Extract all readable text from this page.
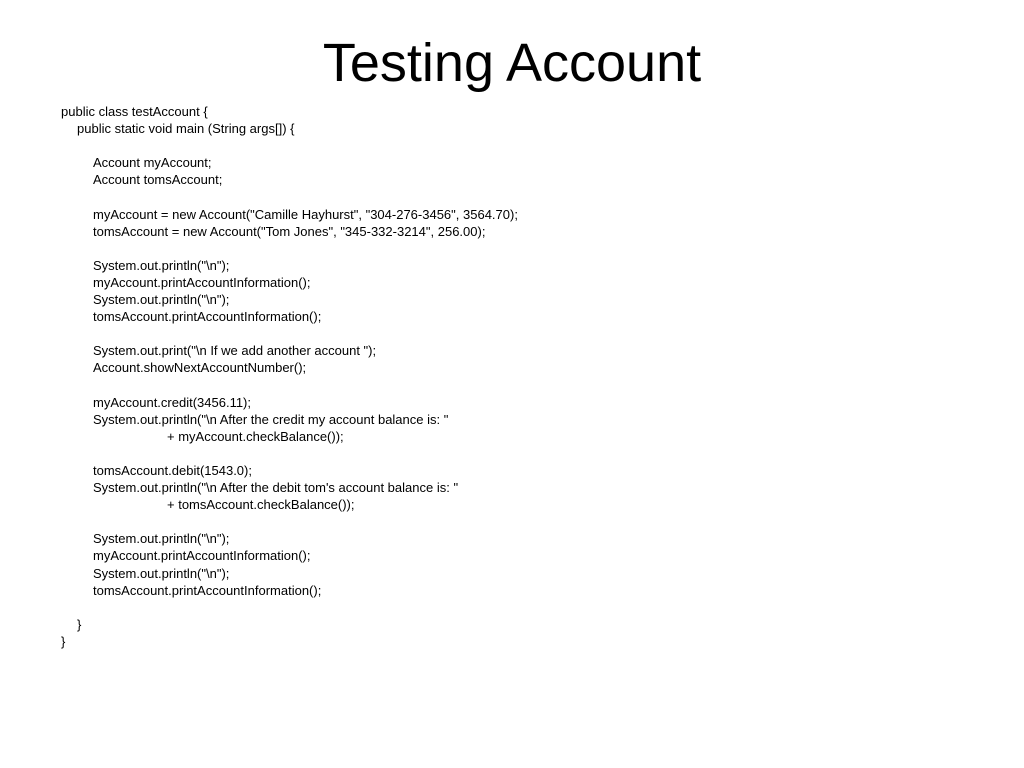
Testing Account
public class testAccount {
public static void main (String args[]) {
Account myAccount;
Account tomsAccount;
myAccount = new Account("Camille Hayhurst", "304-276-3456", 3564.70);
tomsAccount = new Account("Tom Jones", "345-332-3214", 256.00);
System.out.println("\n");
myAccount.printAccountInformation();
System.out.println("\n");
tomsAccount.printAccountInformation();
System.out.print("\n If we add another account ");
Account.showNextAccountNumber();
myAccount.credit(3456.11);
System.out.println("\n After the credit my account balance is: "
+ myAccount.checkBalance());
tomsAccount.debit(1543.0);
System.out.println("\n After the debit tom's account balance is: "
+ tomsAccount.checkBalance());
System.out.println("\n");
myAccount.printAccountInformation();
System.out.println("\n");
tomsAccount.printAccountInformation();
}
}
